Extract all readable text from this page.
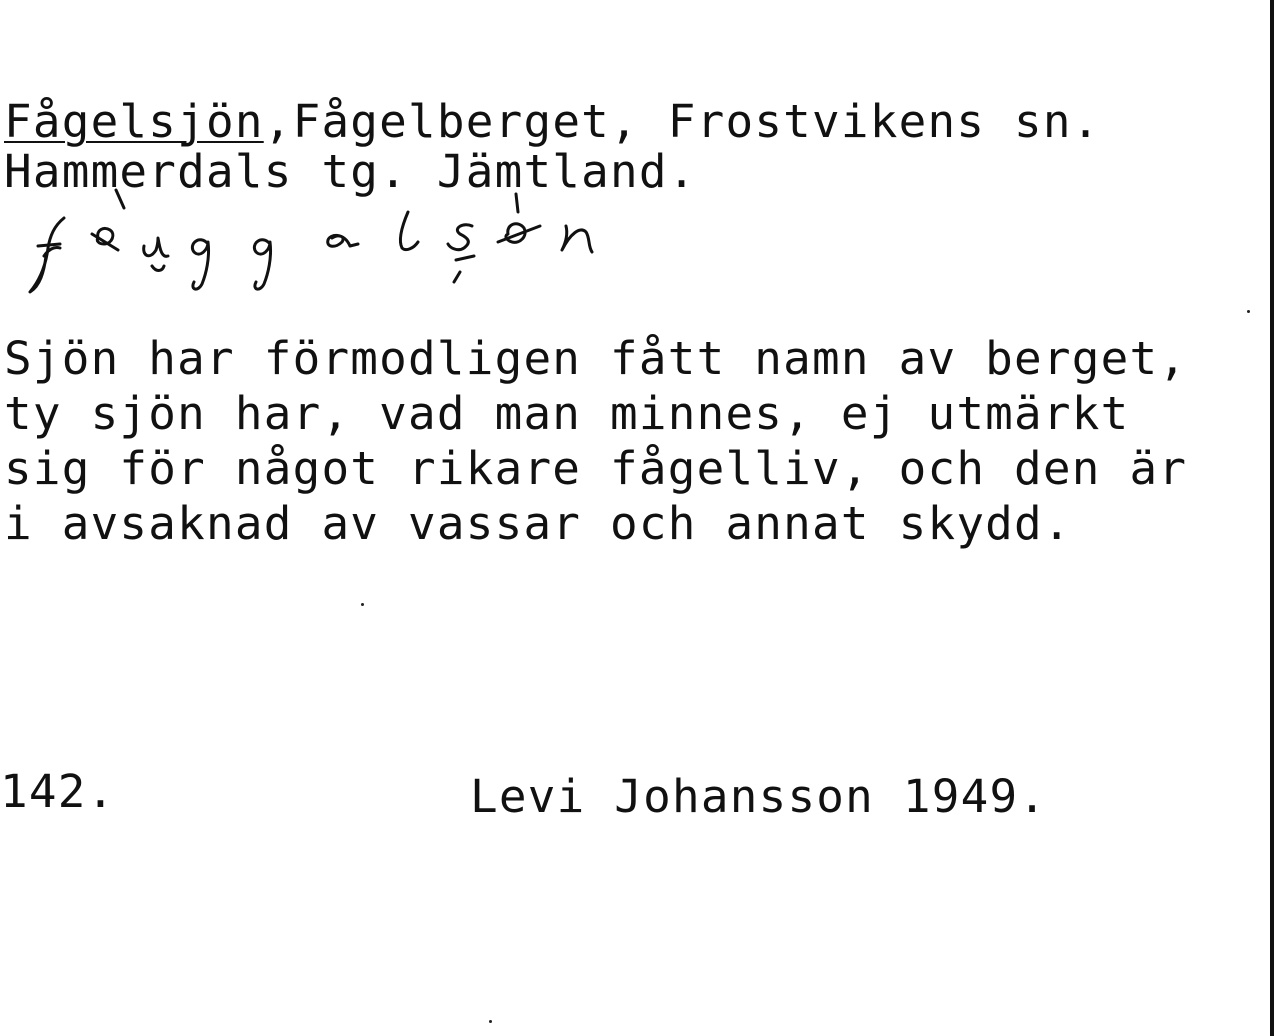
Fågelsjön,Fågelberget, Frostvikens sn.
Hammerdals tg. Jämtland.
Sjön har förmodligen fått namn av berget,
ty sjön har, vad man minnes, ej utmärkt
sig för något rikare fågelliv, och den är
i avsaknad av vassar och annat skydd.
142.	Levi Johansson 1949.
